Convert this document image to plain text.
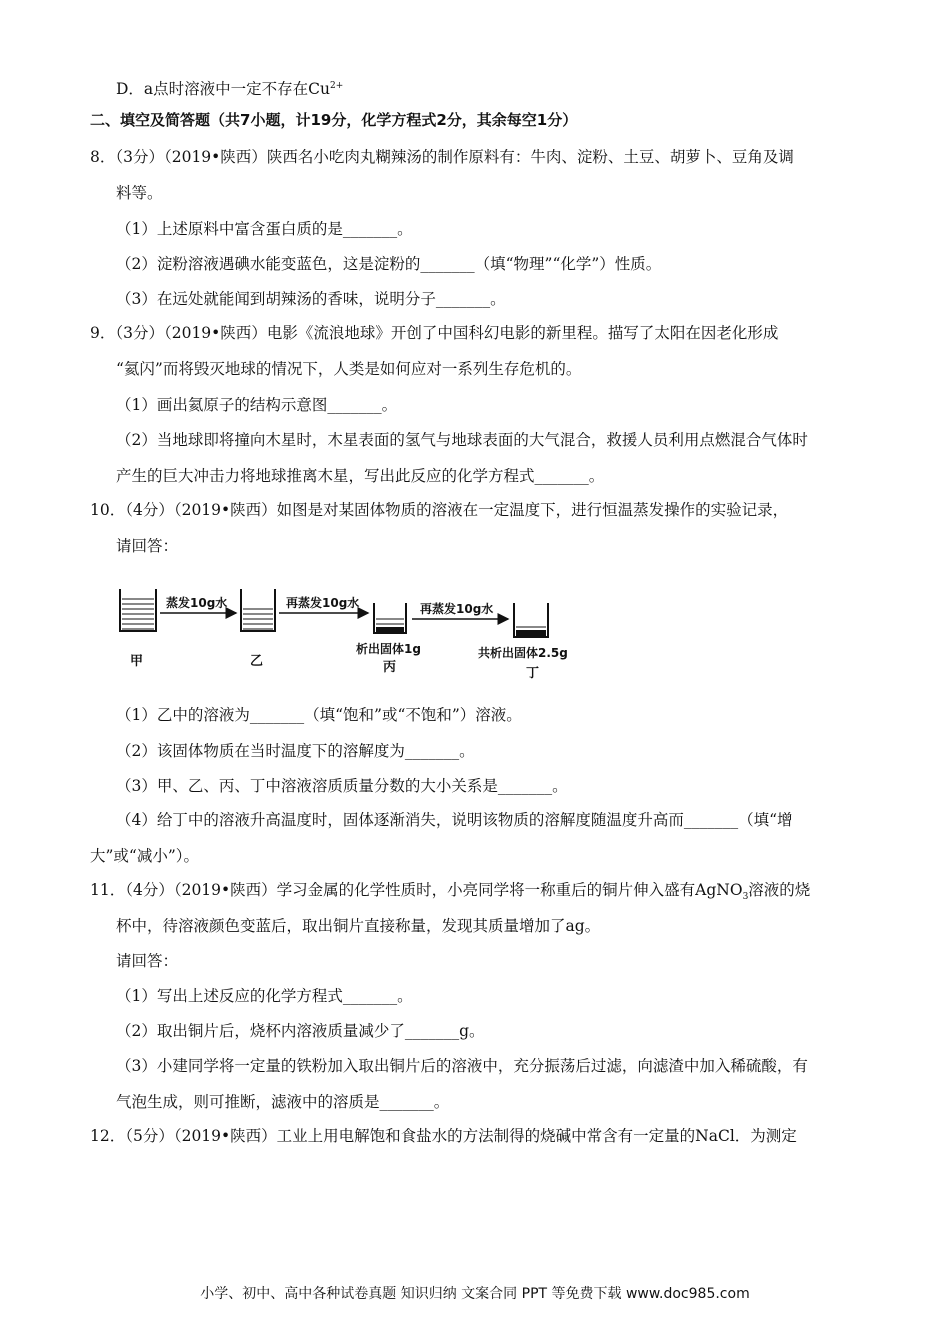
D．a点时溶液中一定不存在$Cu^{2+}$
二、填空及简答题（共7小题，计19分，化学方程式2分，其余每空1分）
8．（3分）（2019•陕西）陕西名小吃肉丸糊辣汤的制作原料有：牛肉、淀粉、土豆、胡萝卜、豆角及调
料等。
（1）上述原料中富含蛋白质的是_______。
（2）淀粉溶液遇碘水能变蓝色，这是淀粉的_______（填“物理”“化学”）性质。
（3）在远处就能闻到胡辣汤的香味，说明分子_______。
9．（3分）（2019•陕西）电影《流浪地球》开创了中国科幻电影的新里程。描写了太阳在因老化形成
“氦闪”而将毁灭地球的情况下，人类是如何应对一系列生存危机的。
（1）画出氦原子的结构示意图_______。
（2）当地球即将撞向木星时，木星表面的氢气与地球表面的大气混合，救援人员利用点燃混合气体时
产生的巨大冲击力将地球推离木星，写出此反应的化学方程式_______。
10．（4分）（2019•陕西）如图是对某固体物质的溶液在一定温度下，进行恒温蒸发操作的实验记录，
请回答：
（1）乙中的溶液为_______（填“饱和”或“不饱和”）溶液。
（2）该固体物质在当时温度下的溶解度为_______。
（3）甲、乙、丙、丁中溶液溶质质量分数的大小关系是_______。
（4）给丁中的溶液升高温度时，固体逐渐消失，说明该物质的溶解度随温度升高而_______（填“增
大”或“减小”）。
11．（4分）（2019•陕西）学习金属的化学性质时，小亮同学将一称重后的铜片伸入盛有AgNO$_3$溶液的烧
杯中，待溶液颜色变蓝后，取出铜片直接称量，发现其质量增加了ag。
请回答：
（1）写出上述反应的化学方程式_______。
（2）取出铜片后，烧杯内溶液质量减少了_______g。
（3）小建同学将一定量的铁粉加入取出铜片后的溶液中，充分振荡后过滤，向滤渣中加入稀硫酸，有
气泡生成，则可推断，滤液中的溶质是_______。
12．（5分）（2019•陕西）工业上用电解饱和食盐水的方法制得的烧碱中常含有一定量的NaCl．为测定
蒸发10g水	再蒸发10g水	再蒸发10g水
甲	乙
析出固体1g
丙
共析出固体2.5g
丁
小学、初中、高中各种试卷真题 知识归纳 文案合同 PPT 等免费下载 www.doc985.com
